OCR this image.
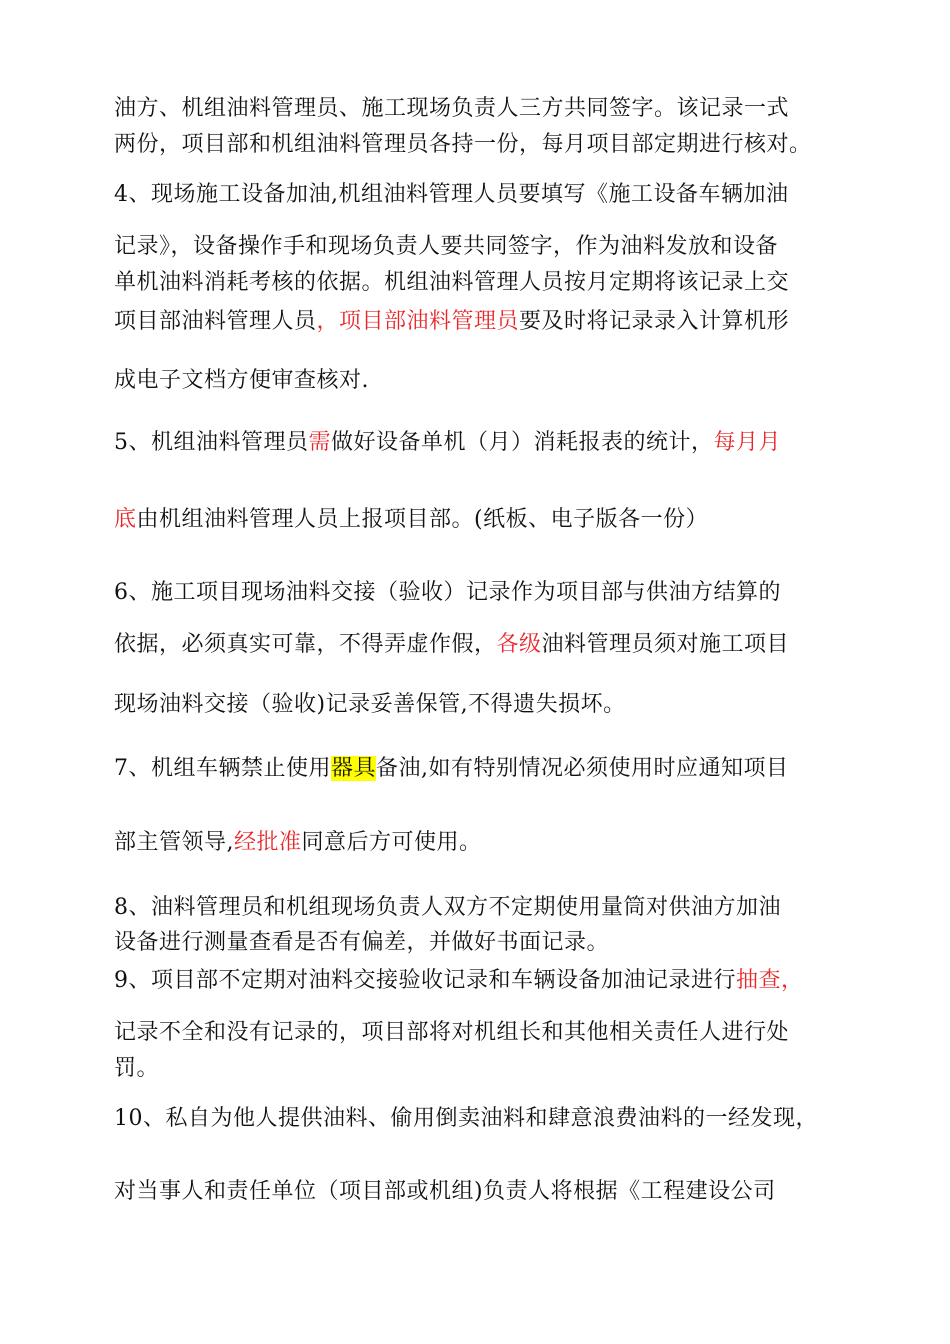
油方、机组油料管理员、施工现场负责人三方共同签字。该记录一式
两份，项目部和机组油料管理员各持一份，每月项目部定期进行核对。
4、现场施工设备加油,机组油料管理人员要填写《施工设备车辆加油
记录》，设备操作手和现场负责人要共同签字，作为油料发放和设备
单机油料消耗考核的依据。机组油料管理人员按月定期将该记录上交
项目部油料管理人员，项目部油料管理员要及时将记录录入计算机形
成电子文档方便审查核对.
5、机组油料管理员需做好设备单机（月）消耗报表的统计，每月月
底由机组油料管理人员上报项目部。(纸板、电子版各一份）
6、施工项目现场油料交接（验收）记录作为项目部与供油方结算的
依据，必须真实可靠，不得弄虚作假，各级油料管理员须对施工项目
现场油料交接（验收)记录妥善保管,不得遗失损坏。
7、机组车辆禁止使用器具备油,如有特别情况必须使用时应通知项目
部主管领导,经批准同意后方可使用。
8、油料管理员和机组现场负责人双方不定期使用量筒对供油方加油
设备进行测量查看是否有偏差，并做好书面记录。
9、项目部不定期对油料交接验收记录和车辆设备加油记录进行抽查，
记录不全和没有记录的，项目部将对机组长和其他相关责任人进行处
罚。
10、私自为他人提供油料、偷用倒卖油料和肆意浪费油料的一经发现，
对当事人和责任单位（项目部或机组)负责人将根据《工程建设公司
